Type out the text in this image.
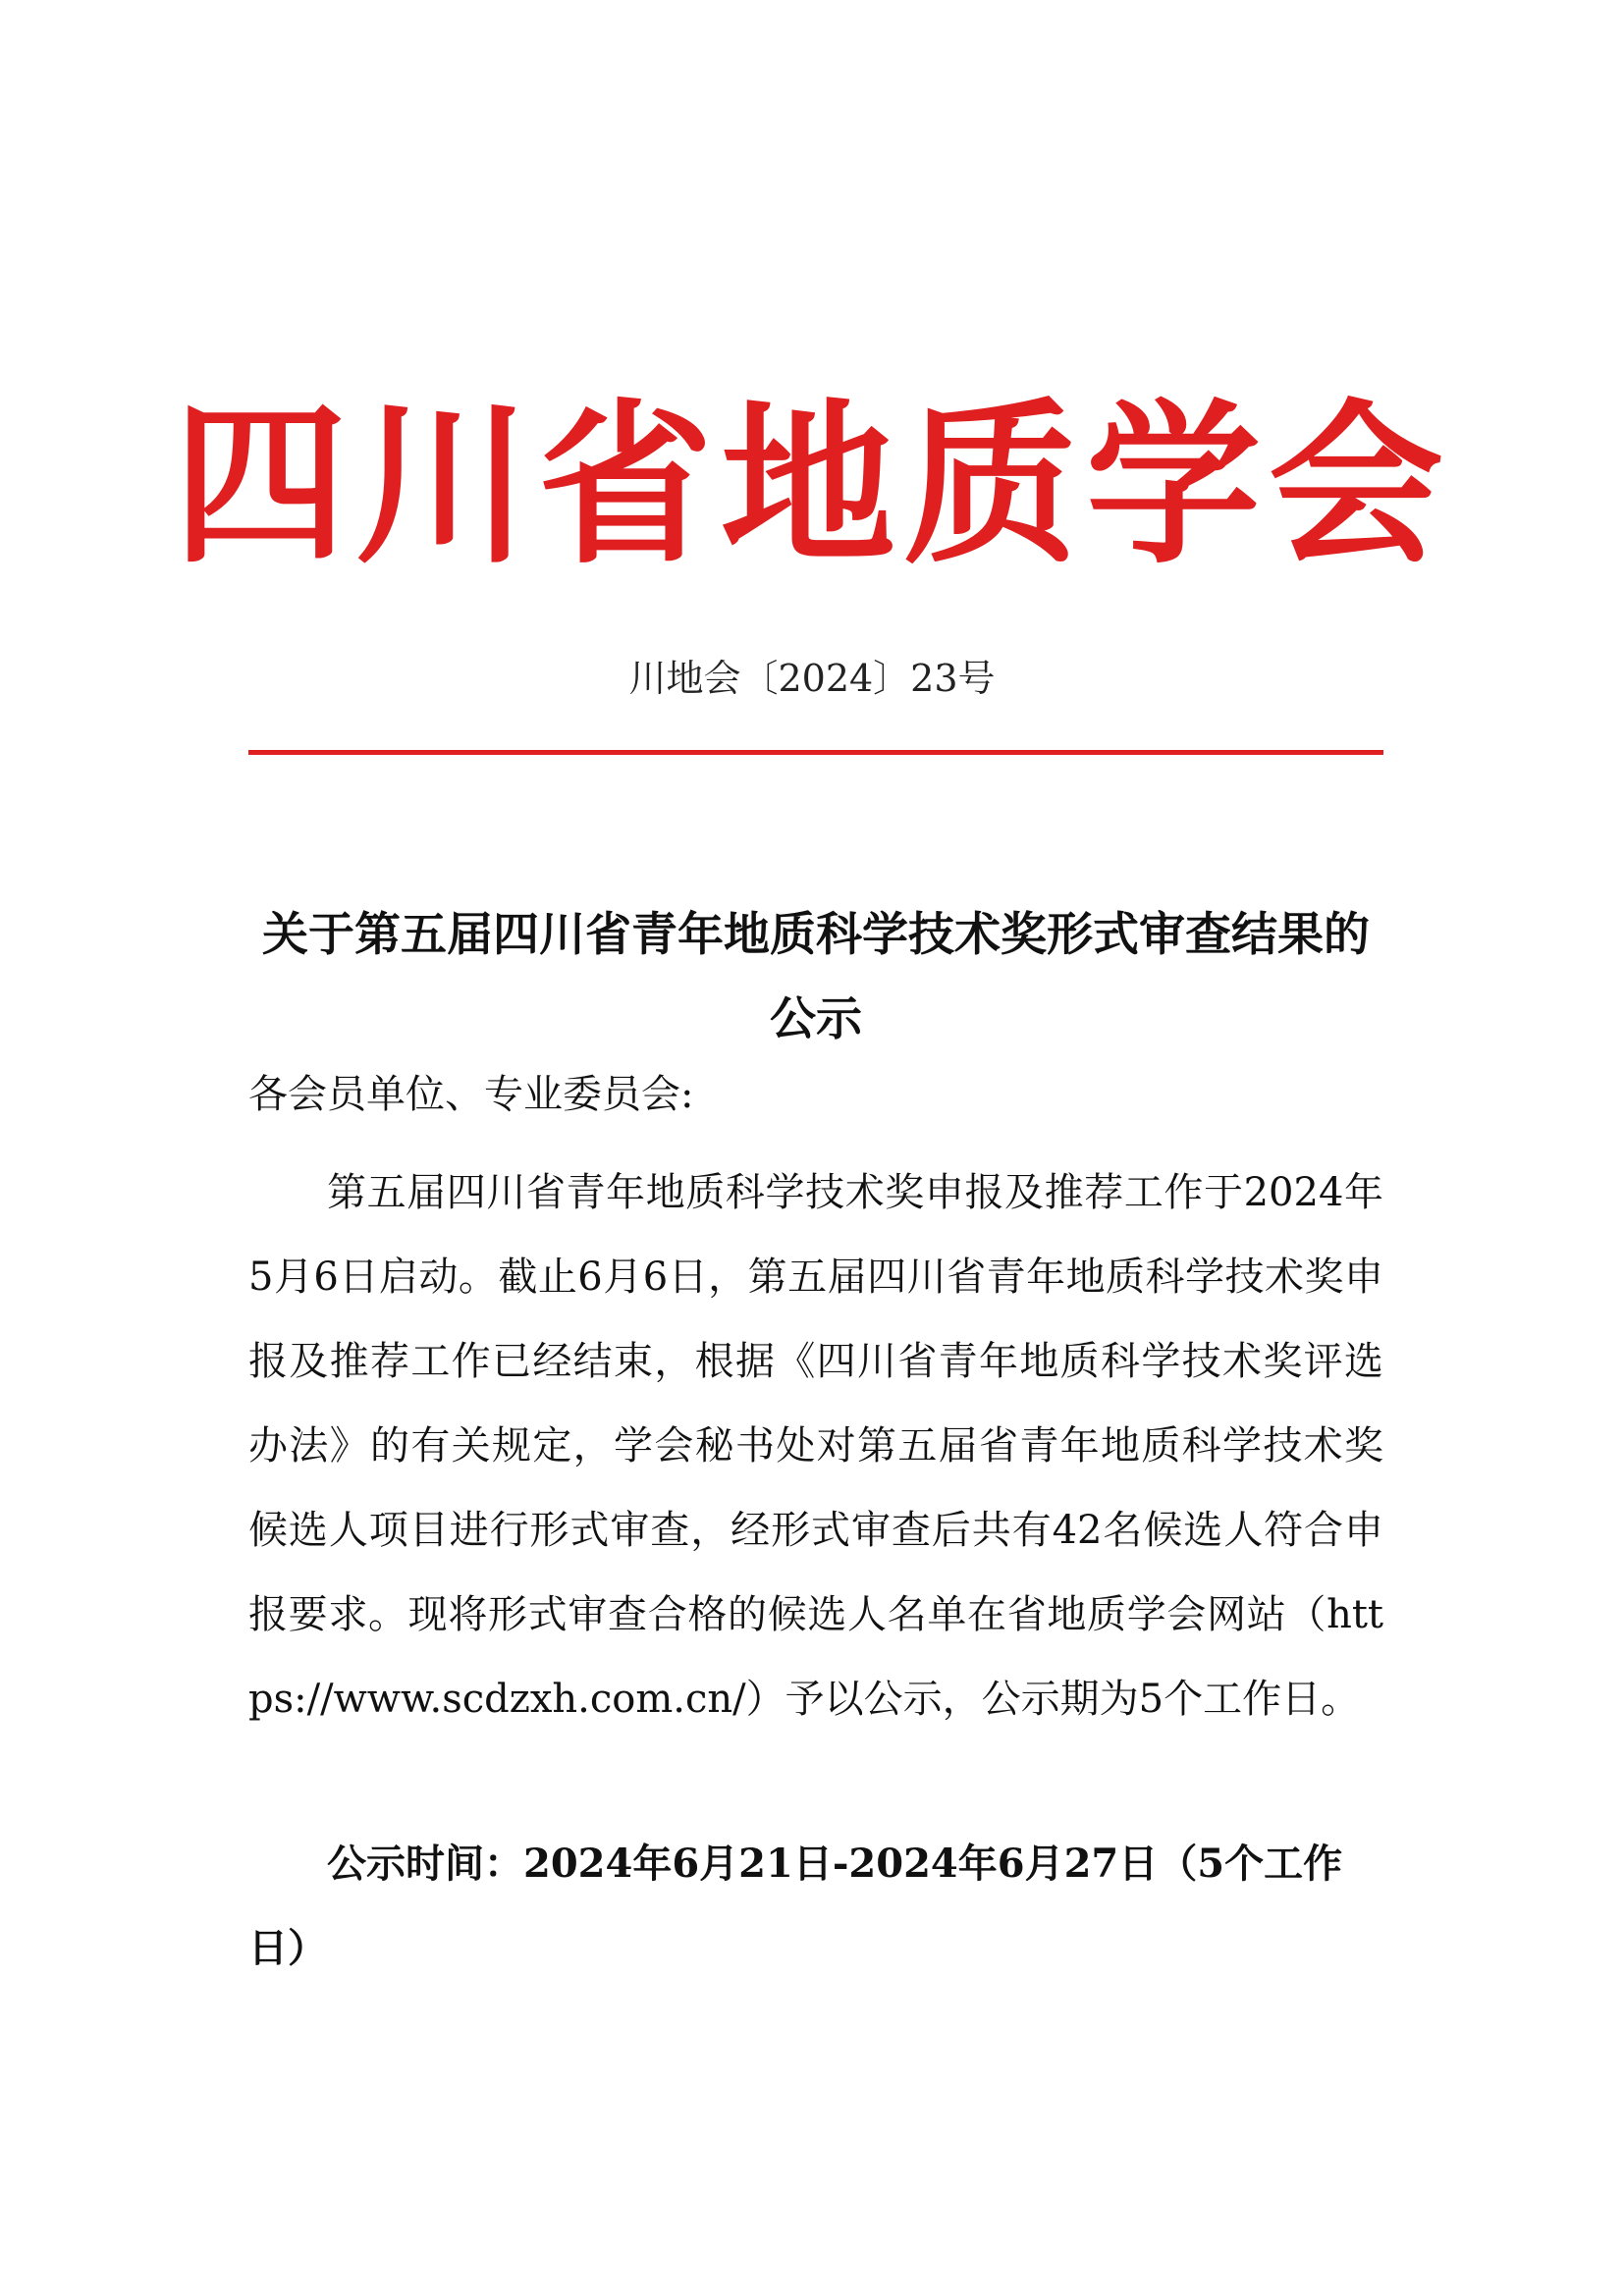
四川省地质学会
川地会〔2024〕23号
关于第五届四川省青年地质科学技术奖形式审查结果的公示
各会员单位、专业委员会:

第五届四川省青年地质科学技术奖申报及推荐工作于2024年5月6日启动。截止6月6日，第五届四川省青年地质科学技术奖申报及推荐工作已经结束，根据《四川省青年地质科学技术奖评选办法》的有关规定，学会秘书处对第五届省青年地质科学技术奖候选人项目进行形式审查，经形式审查后共有42名候选人符合申报要求。现将形式审查合格的候选人名单在省地质学会网站（https://www.scdzxh.com.cn/）予以公示，公示期为5个工作日。

公示时间：2024年6月21日-2024年6月27日（5个工作日）
